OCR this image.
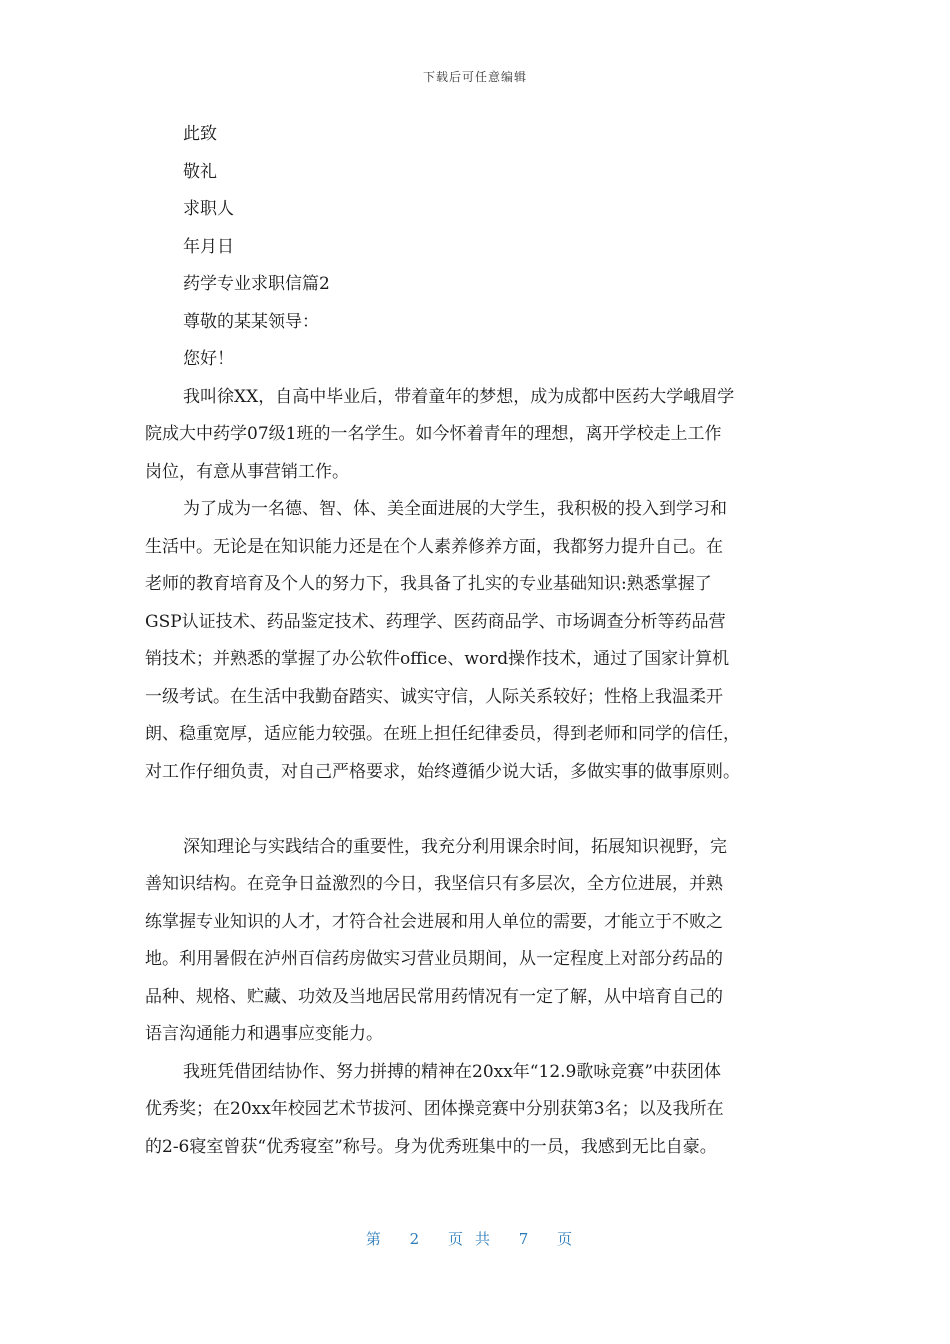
下载后可任意编辑

此致

敬礼

求职人

年月日

药学专业求职信篇2

尊敬的某某领导：

您好！

我叫徐XX，自高中毕业后，带着童年的梦想，成为成都中医药大学峨眉学

院成大中药学07级1班的一名学生。如今怀着青年的理想，离开学校走上工作

岗位，有意从事营销工作。

为了成为一名德、智、体、美全面进展的大学生，我积极的投入到学习和

生活中。无论是在知识能力还是在个人素养修养方面，我都努力提升自己。在

老师的教育培育及个人的努力下，我具备了扎实的专业基础知识:熟悉掌握了

GSP认证技术、药品鉴定技术、药理学、医药商品学、市场调查分析等药品营

销技术；并熟悉的掌握了办公软件office、word操作技术，通过了国家计算机

一级考试。在生活中我勤奋踏实、诚实守信，人际关系较好；性格上我温柔开

朗、稳重宽厚，适应能力较强。在班上担任纪律委员，得到老师和同学的信任，

对工作仔细负责，对自己严格要求，始终遵循少说大话，多做实事的做事原则。

深知理论与实践结合的重要性，我充分利用课余时间，拓展知识视野，完

善知识结构。在竞争日益激烈的今日，我坚信只有多层次，全方位进展，并熟

练掌握专业知识的人才，才符合社会进展和用人单位的需要，才能立于不败之

地。利用暑假在泸州百信药房做实习营业员期间，从一定程度上对部分药品的

品种、规格、贮藏、功效及当地居民常用药情况有一定了解，从中培育自己的

语言沟通能力和遇事应变能力。

我班凭借团结协作、努力拼搏的精神在20xx年“12.9歌咏竞赛”中获团体

优秀奖；在20xx年校园艺术节拔河、团体操竞赛中分别获第3名；以及我所在

的2-6寝室曾获“优秀寝室”称号。身为优秀班集中的一员，我感到无比自豪。

第 2 页共 7 页
